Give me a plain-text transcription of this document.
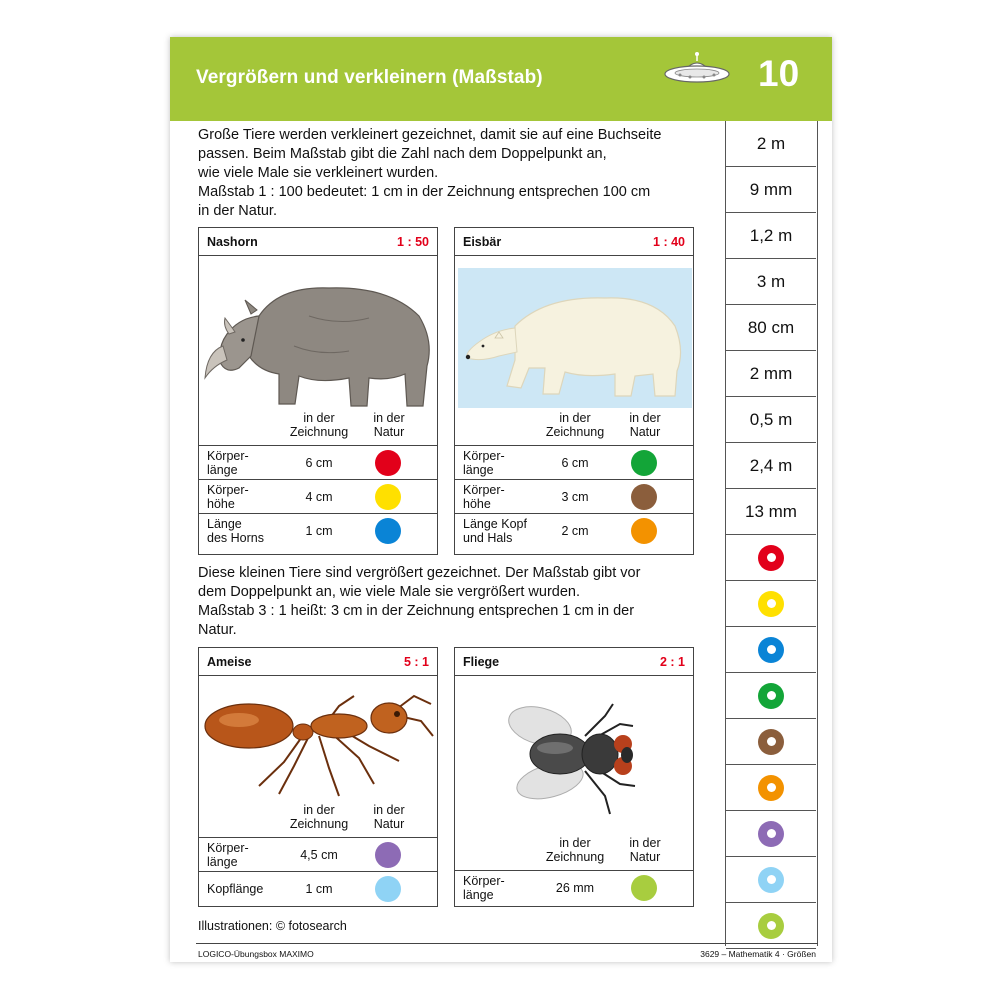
Vergrößern und verkleinern (Maßstab)	10
2 m
9 mm
1,2 m
3 m
80 cm
2 mm
0,5 m
2,4 m
13 mm

Große Tiere werden verkleinert gezeichnet, damit sie auf eine Buchseite

passen. Beim Maßstab gibt die Zahl nach dem Doppelpunkt an,

wie viele Male sie verkleinert wurden.

Maßstab 1 : 100 bedeutet: 1 cm in der Zeichnung entsprechen 100 cm

in der Natur.

Nashorn	1 : 50
in der
Zeichnung
in der
Natur
Körper-
länge	6 cm
Körper-
höhe	4 cm
Länge
des Horns	1 cm
Eisbär	1 : 40
in der
Zeichnung
in der
Natur
Körper-
länge	6 cm
Körper-
höhe	3 cm
Länge Kopf
und Hals	2 cm

Diese kleinen Tiere sind vergrößert gezeichnet. Der Maßstab gibt vor

dem Doppelpunkt an, wie viele Male sie vergrößert wurden.

Maßstab 3 : 1 heißt: 3 cm in der Zeichnung entsprechen 1 cm in der

Natur.

Ameise	5 : 1
in der
Zeichnung
in der
Natur
Körper-
länge	4,5 cm
Kopflänge	1 cm
Fliege	2 : 1
in der
Zeichnung
in der
Natur
Körper-
länge	26 mm
Illustrationen: © fotosearch
LOGICO-Übungsbox MAXIMO	3629 – Mathematik 4 · Größen
